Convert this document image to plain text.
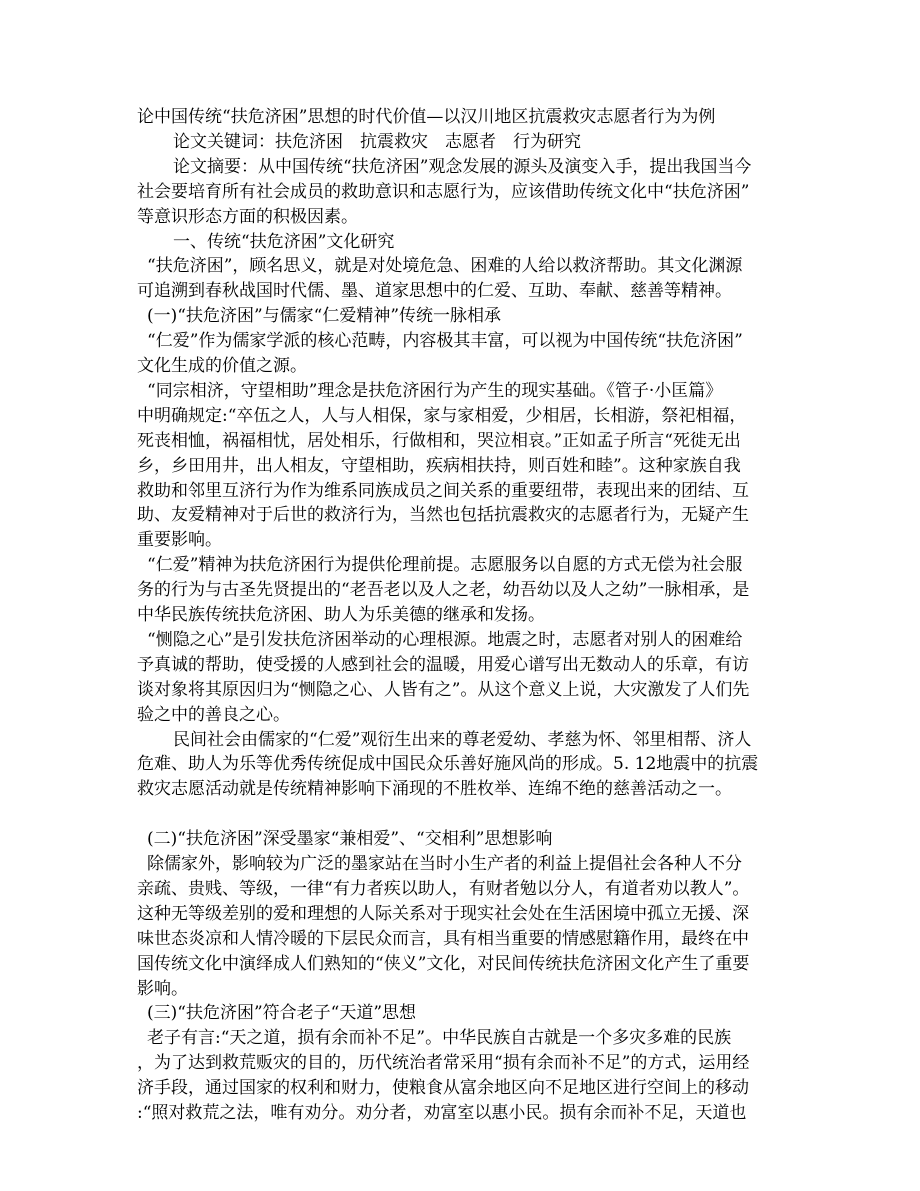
论中国传统“扶危济困”思想的时代价值—以汉川地区抗震救灾志愿者行为为例
论文关键词：扶危济困　抗震救灾　志愿者　行为研究
论文摘要：从中国传统“扶危济困”观念发展的源头及演变入手，提出我国当今
社会要培育所有社会成员的救助意识和志愿行为，应该借助传统文化中“扶危济困”
等意识形态方面的积极因素。
一、传统“扶危济困”文化研究
“扶危济困”，顾名思义，就是对处境危急、困难的人给以救济帮助。其文化渊源
可追溯到春秋战国时代儒、墨、道家思想中的仁爱、互助、奉献、慈善等精神。
(一)“扶危济困”与儒家“仁爱精神”传统一脉相承
“仁爱”作为儒家学派的核心范畴，内容极其丰富，可以视为中国传统“扶危济困”
文化生成的价值之源。
“同宗相济，守望相助”理念是扶危济困行为产生的现实基础。《管子·小匡篇》
中明确规定:“卒伍之人，人与人相保，家与家相爱，少相居，长相游，祭祀相福，
死丧相恤，祸福相忧，居处相乐，行做相和，哭泣相哀。”正如孟子所言“死徙无出
乡，乡田用井，出人相友，守望相助，疾病相扶持，则百姓和睦”。这种家族自我
救助和邻里互济行为作为维系同族成员之间关系的重要纽带，表现出来的团结、互
助、友爱精神对于后世的救济行为，当然也包括抗震救灾的志愿者行为，无疑产生
重要影响。
“仁爱”精神为扶危济困行为提供伦理前提。志愿服务以自愿的方式无偿为社会服
务的行为与古圣先贤提出的“老吾老以及人之老，幼吾幼以及人之幼”一脉相承，是
中华民族传统扶危济困、助人为乐美德的继承和发扬。
“恻隐之心”是引发扶危济困举动的心理根源。地震之时，志愿者对别人的困难给
予真诚的帮助，使受援的人感到社会的温暖，用爱心谱写出无数动人的乐章，有访
谈对象将其原因归为“恻隐之心、人皆有之”。从这个意义上说，大灾激发了人们先
验之中的善良之心。
民间社会由儒家的“仁爱”观衍生出来的尊老爱幼、孝慈为怀、邻里相帮、济人
危难、助人为乐等优秀传统促成中国民众乐善好施风尚的形成。5. 12地震中的抗震
救灾志愿活动就是传统精神影响下涌现的不胜枚举、连绵不绝的慈善活动之一。
(二)“扶危济困”深受墨家“兼相爱”、“交相利”思想影响
除儒家外，影响较为广泛的墨家站在当时小生产者的利益上提倡社会各种人不分
亲疏、贵贱、等级，一律“有力者疾以助人，有财者勉以分人，有道者劝以教人”。
这种无等级差别的爱和理想的人际关系对于现实社会处在生活困境中孤立无援、深
味世态炎凉和人情冷暖的下层民众而言，具有相当重要的情感慰籍作用，最终在中
国传统文化中演绎成人们熟知的“侠义”文化，对民间传统扶危济困文化产生了重要
影响。
(三)“扶危济困”符合老子“天道”思想
老子有言:“天之道，损有余而补不足”。中华民族自古就是一个多灾多难的民族
，为了达到救荒贩灾的目的，历代统治者常采用“损有余而补不足”的方式，运用经
济手段，通过国家的权利和财力，使粮食从富余地区向不足地区进行空间上的移动
:“照对救荒之法，唯有劝分。劝分者，劝富室以惠小民。损有余而补不足，天道也
